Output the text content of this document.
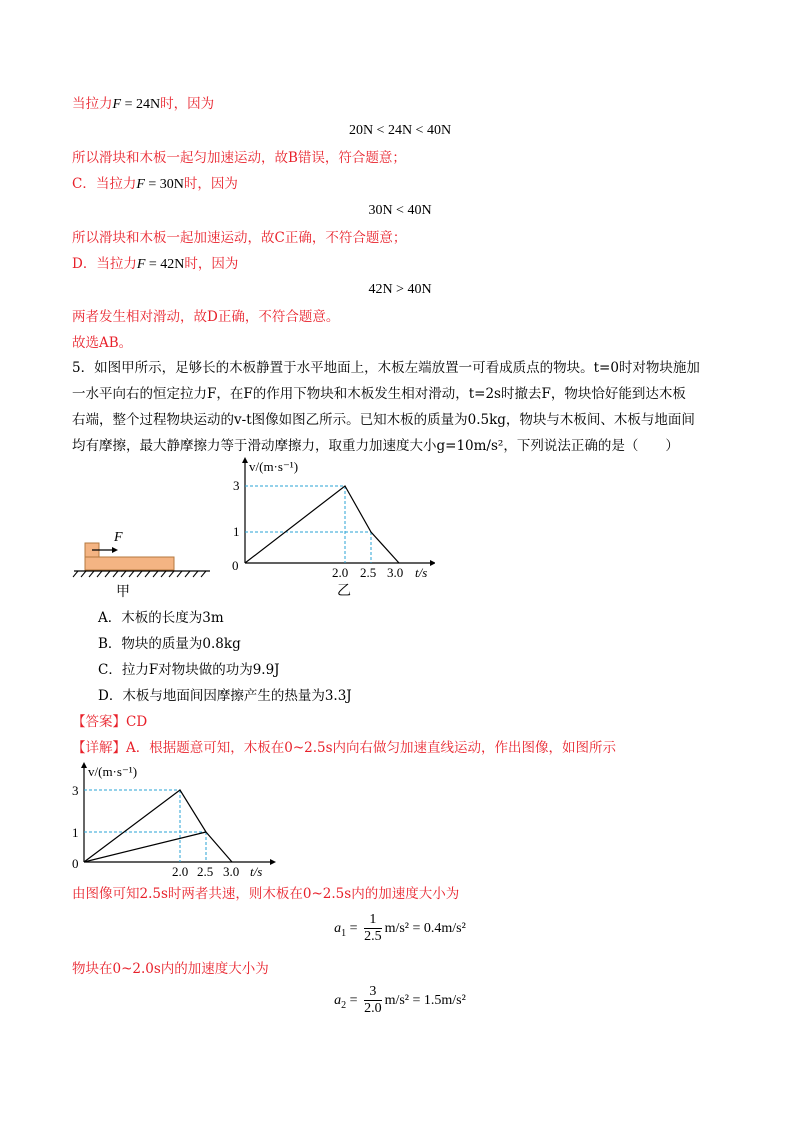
当拉力F = 24N时，因为
20N < 24N < 40N
所以滑块和木板一起匀加速运动，故B错误，符合题意；
C．当拉力F = 30N时，因为
30N < 40N
所以滑块和木板一起加速运动，故C正确，不符合题意；
D．当拉力F = 42N时，因为
42N > 40N
两者发生相对滑动，故D正确，不符合题意。
故选AB。
5．如图甲所示，足够长的木板静置于水平地面上，木板左端放置一可看成质点的物块。t=0时对物块施加
一水平向右的恒定拉力F，在F的作用下物块和木板发生相对滑动，t=2s时撤去F，物块恰好能到达木板
右端，整个过程物块运动的v-t图像如图乙所示。已知木板的质量为0.5kg，物块与木板间、木板与地面间
均有摩擦，最大静摩擦力等于滑动摩擦力，取重力加速度大小g=10m/s²，下列说法正确的是（　　）
F
甲
v/(m·s⁻¹)
t/s
0
3
1
2.0 2.5 3.0
乙
A．木板的长度为3m
B．物块的质量为0.8kg
C．拉力F对物块做的功为9.9J
D．木板与地面间因摩擦产生的热量为3.3J
【答案】CD
【详解】A．根据题意可知，木板在0~2.5s内向右做匀加速直线运动，作出图像，如图所示
v/(m·s⁻¹)
t/s
0
3
1
2.0 2.5 3.0
由图像可知2.5s时两者共速，则木板在0~2.5s内的加速度大小为
$a_1 = \frac{1}{2.5} m/s^2 = 0.4m/s^2$
物块在0~2.0s内的加速度大小为
$a_2 = \frac{3}{2.0} m/s^2 = 1.5m/s^2$
